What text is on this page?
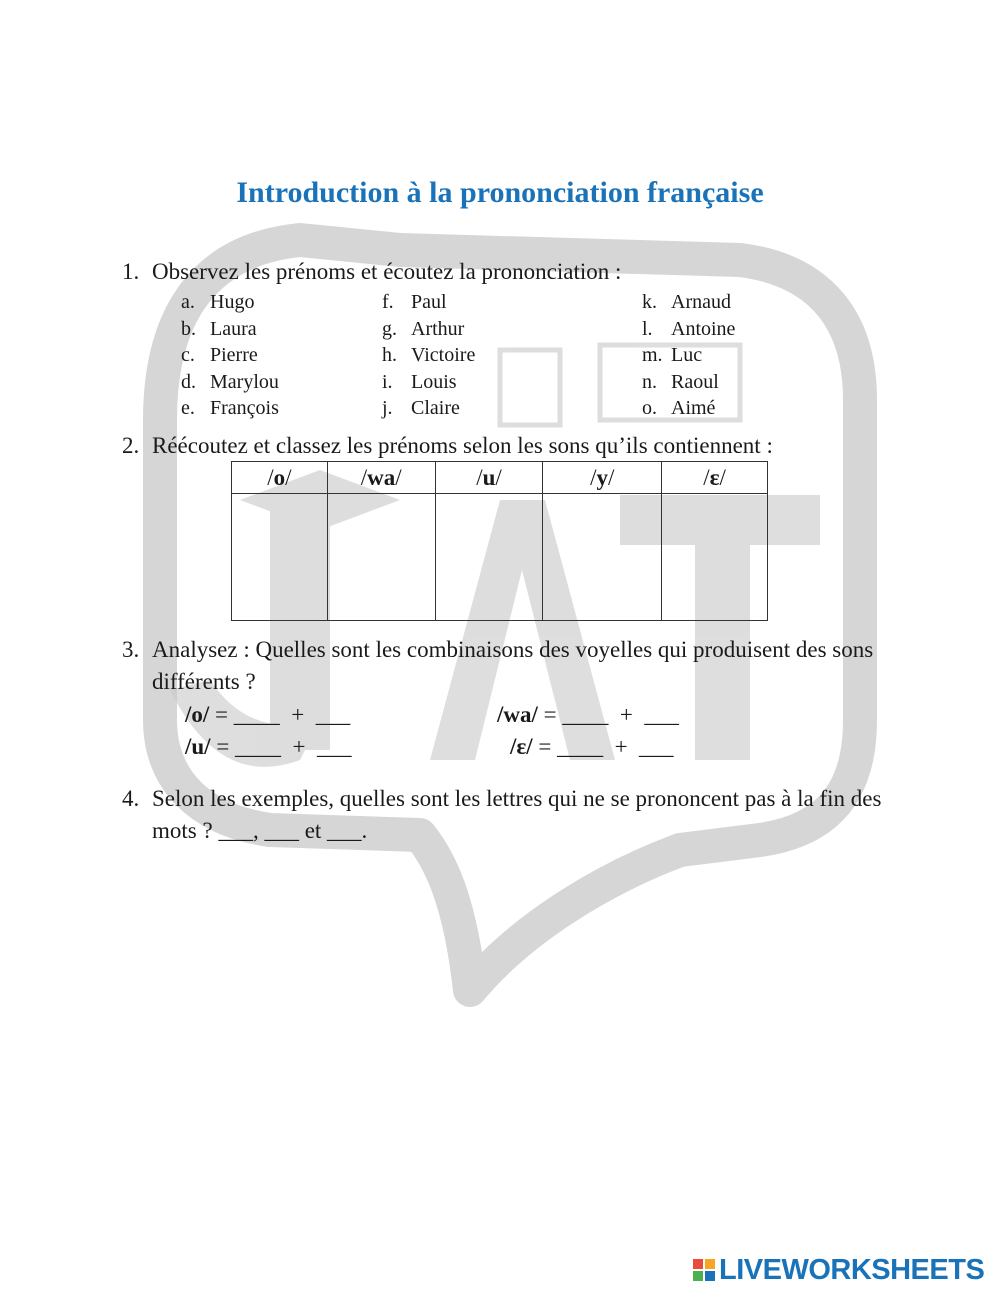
Introduction à la prononciation française
1. Observez les prénoms et écoutez la prononciation :
a. Hugo
b. Laura
c. Pierre
d. Marylou
e. François
f. Paul
g. Arthur
h. Victoire
i. Louis
j. Claire
k. Arnaud
l. Antoine
m. Luc
n. Raoul
o. Aimé
2. Réécoutez et classez les prénoms selon les sons qu’ils contiennent :
/o/	/wa/	/u/	/y/	/ɛ/

3. Analysez : Quelles sont les combinaisons des voyelles qui produisent des sons différents ?
/o/ = ____  +  ___	/wa/ = ____  +  ___
/u/ = ____  +  ___	/ɛ/ = ____  +  ___
4. Selon les exemples, quelles sont les lettres qui ne se prononcent pas à la fin des mots ? ___, ___ et ___.
LIVEWORKSHEETS
